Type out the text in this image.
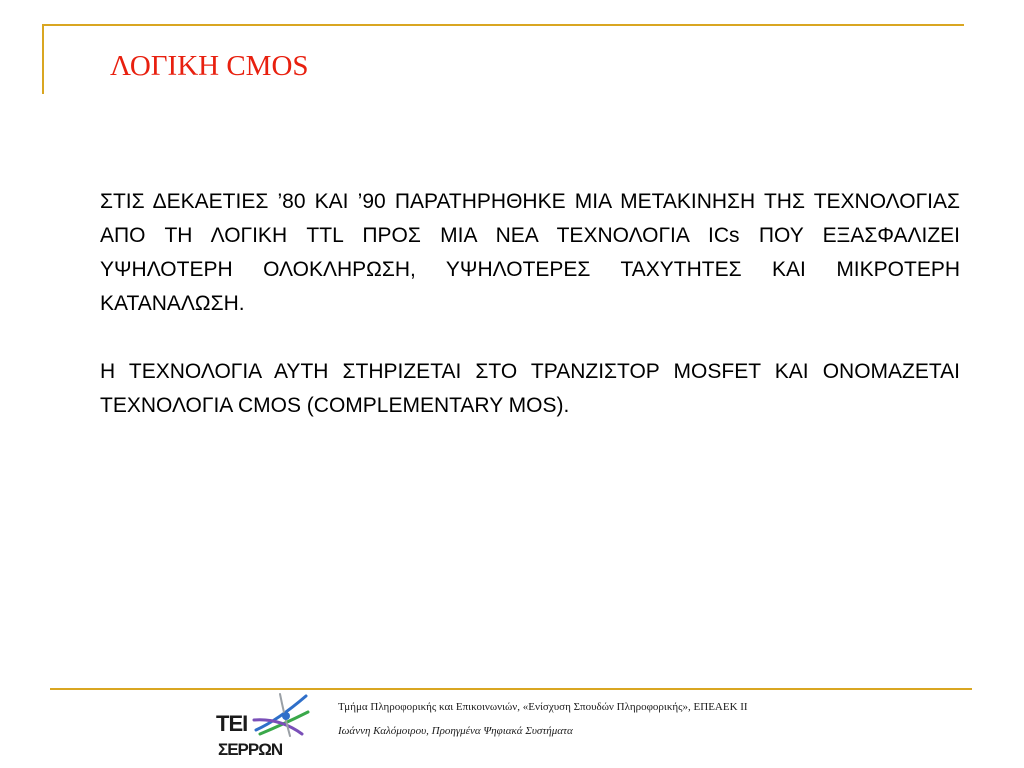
ΛΟΓΙΚΗ CMOS

ΣΤΙΣ ΔΕΚΑΕΤΙΕΣ ’80 ΚΑΙ ’90 ΠΑΡΑΤΗΡΗΘΗΚΕ ΜΙΑ ΜΕΤΑΚΙΝΗΣΗ ΤΗΣ ΤΕΧΝΟΛΟΓΙΑΣ ΑΠΟ ΤΗ ΛΟΓΙΚΗ TTL ΠΡΟΣ ΜΙΑ ΝΕΑ ΤΕΧΝΟΛΟΓΙΑ ICs ΠΟΥ ΕΞΑΣΦΑΛΙΖΕΙ ΥΨΗΛΟΤΕΡΗ ΟΛΟΚΛΗΡΩΣΗ, ΥΨΗΛΟΤΕΡΕΣ ΤΑΧΥΤΗΤΕΣ ΚΑΙ ΜΙΚΡΟΤΕΡΗ ΚΑΤΑΝΑΛΩΣΗ.

Η ΤΕΧΝΟΛΟΓΙΑ ΑΥΤΗ ΣΤΗΡΙΖΕΤΑΙ ΣΤΟ ΤΡΑΝΖΙΣΤΟΡ MOSFET ΚΑΙ ΟΝΟΜΑΖΕΤΑΙ ΤΕΧΝΟΛΟΓΙΑ CMOS (COMPLEMENTARY MOS).

ΤΕΙ
ΣΕΡΡΩΝ
Τμήμα Πληροφορικής και Επικοινωνιών, «Ενίσχυση Σπουδών Πληροφορικής», ΕΠΕΑΕΚ ΙΙ
Ιωάννη Καλόμοιρου, Προηγμένα Ψηφιακά Συστήματα
